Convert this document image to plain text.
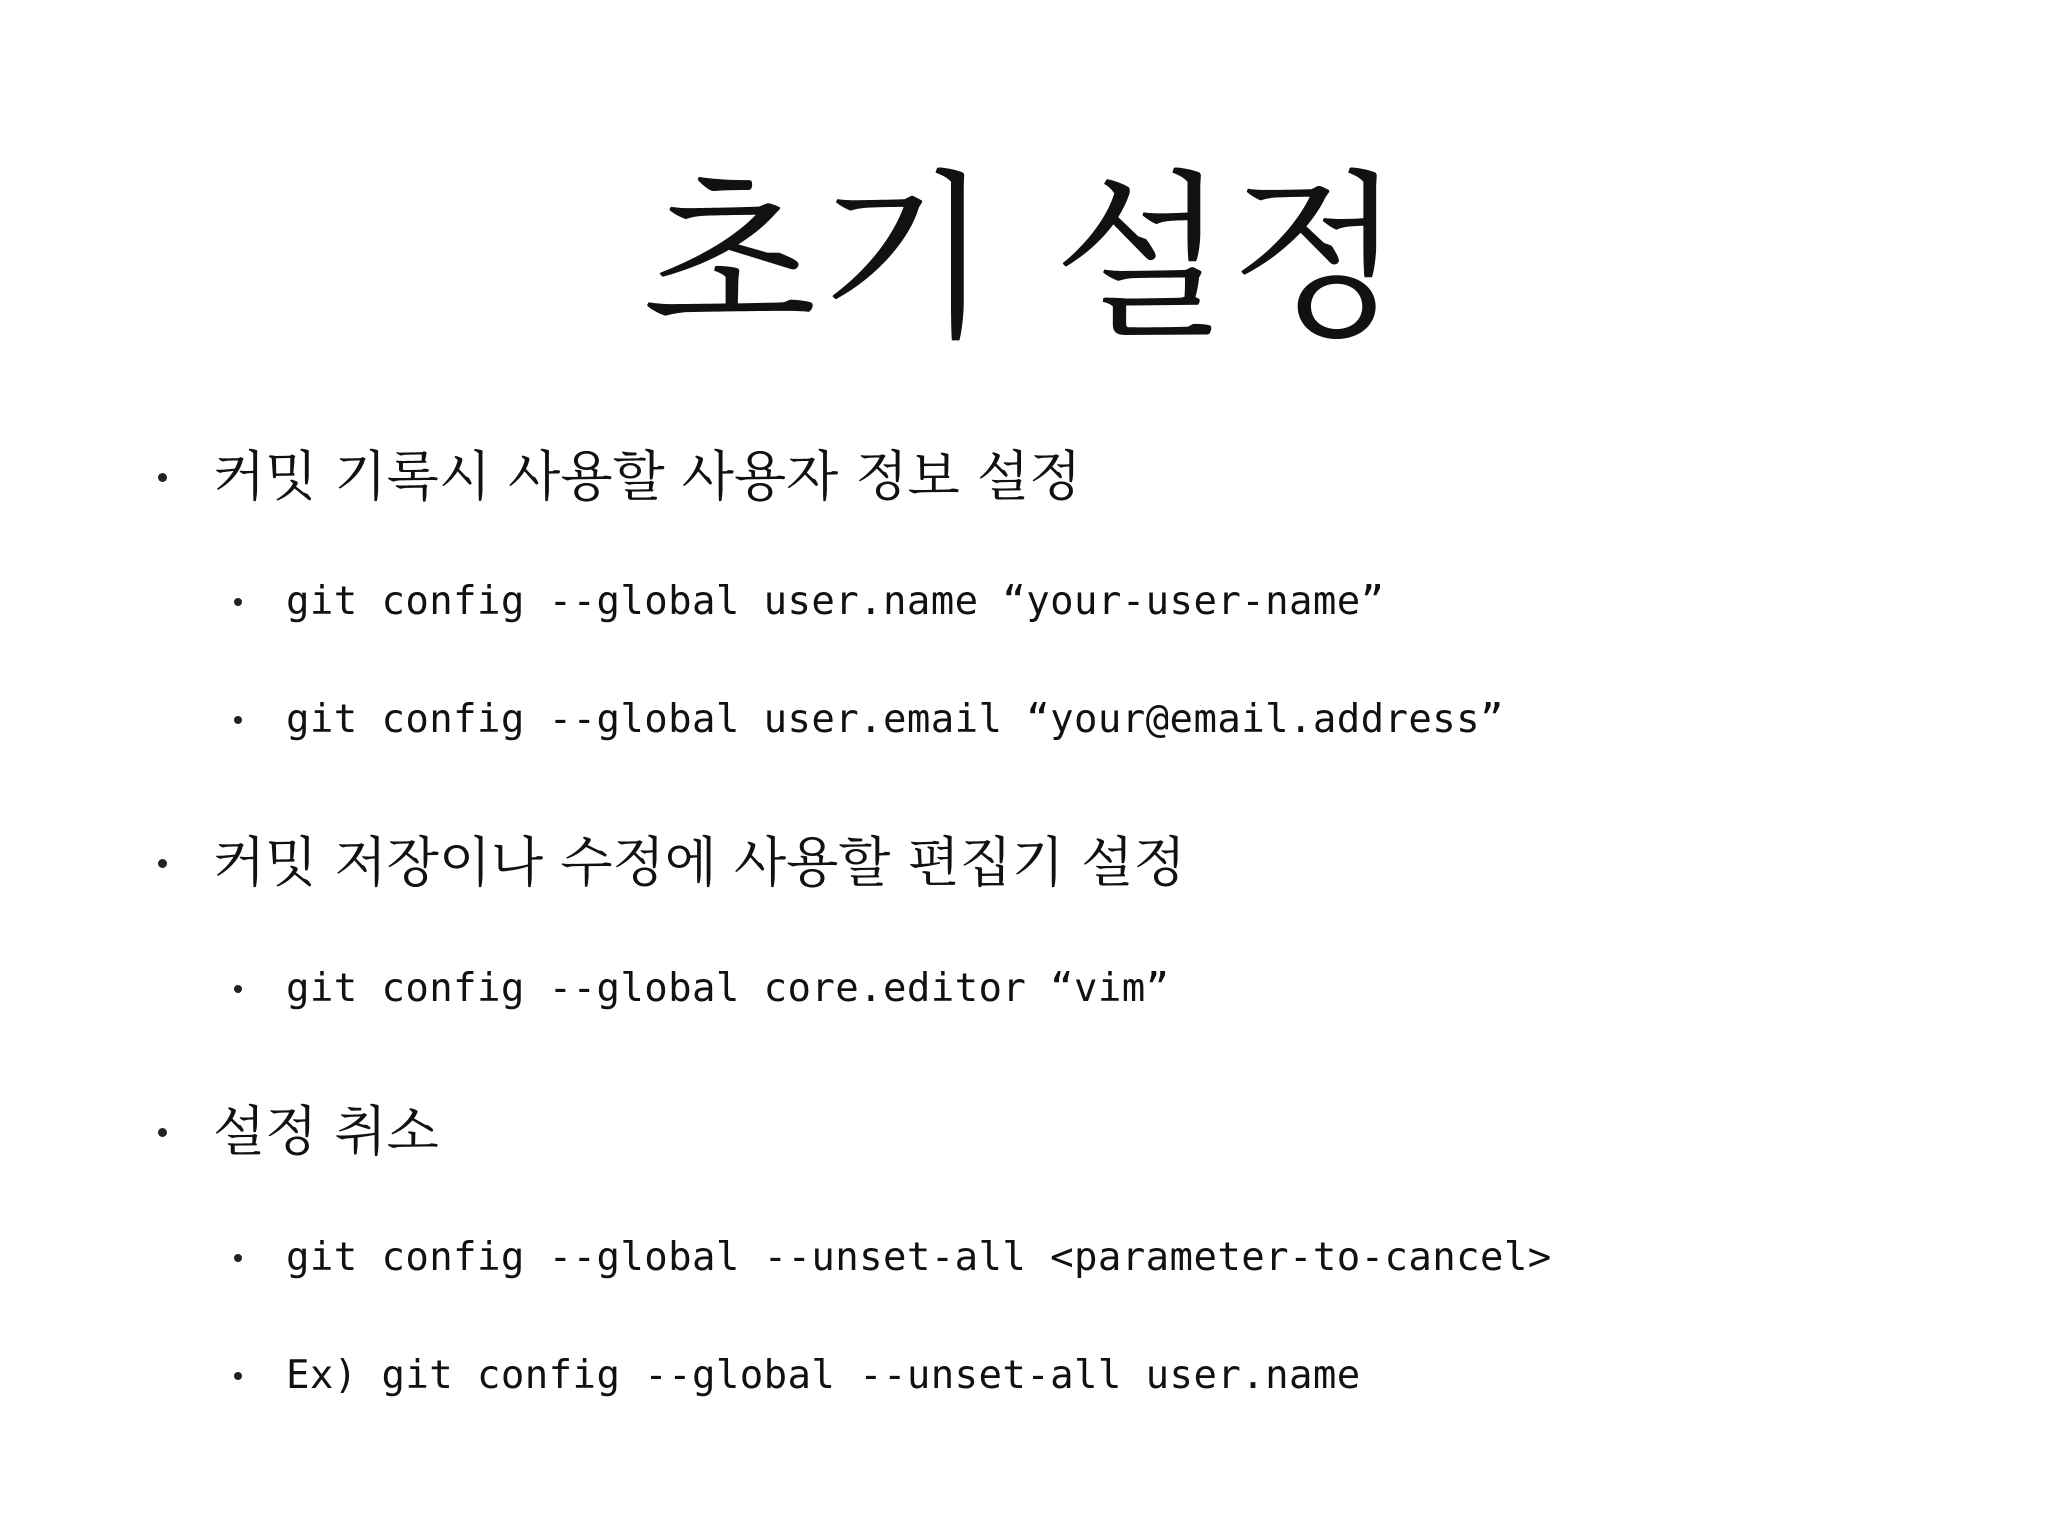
초기 설정
커밋 기록시 사용할 사용자 정보 설정
git config --global user.name “your-user-name”
git config --global user.email “your@email.address”
커밋 저장이나 수정에 사용할 편집기 설정
git config --global core.editor “vim”
설정 취소
git config --global --unset-all <parameter-to-cancel>
Ex) git config --global --unset-all user.name
